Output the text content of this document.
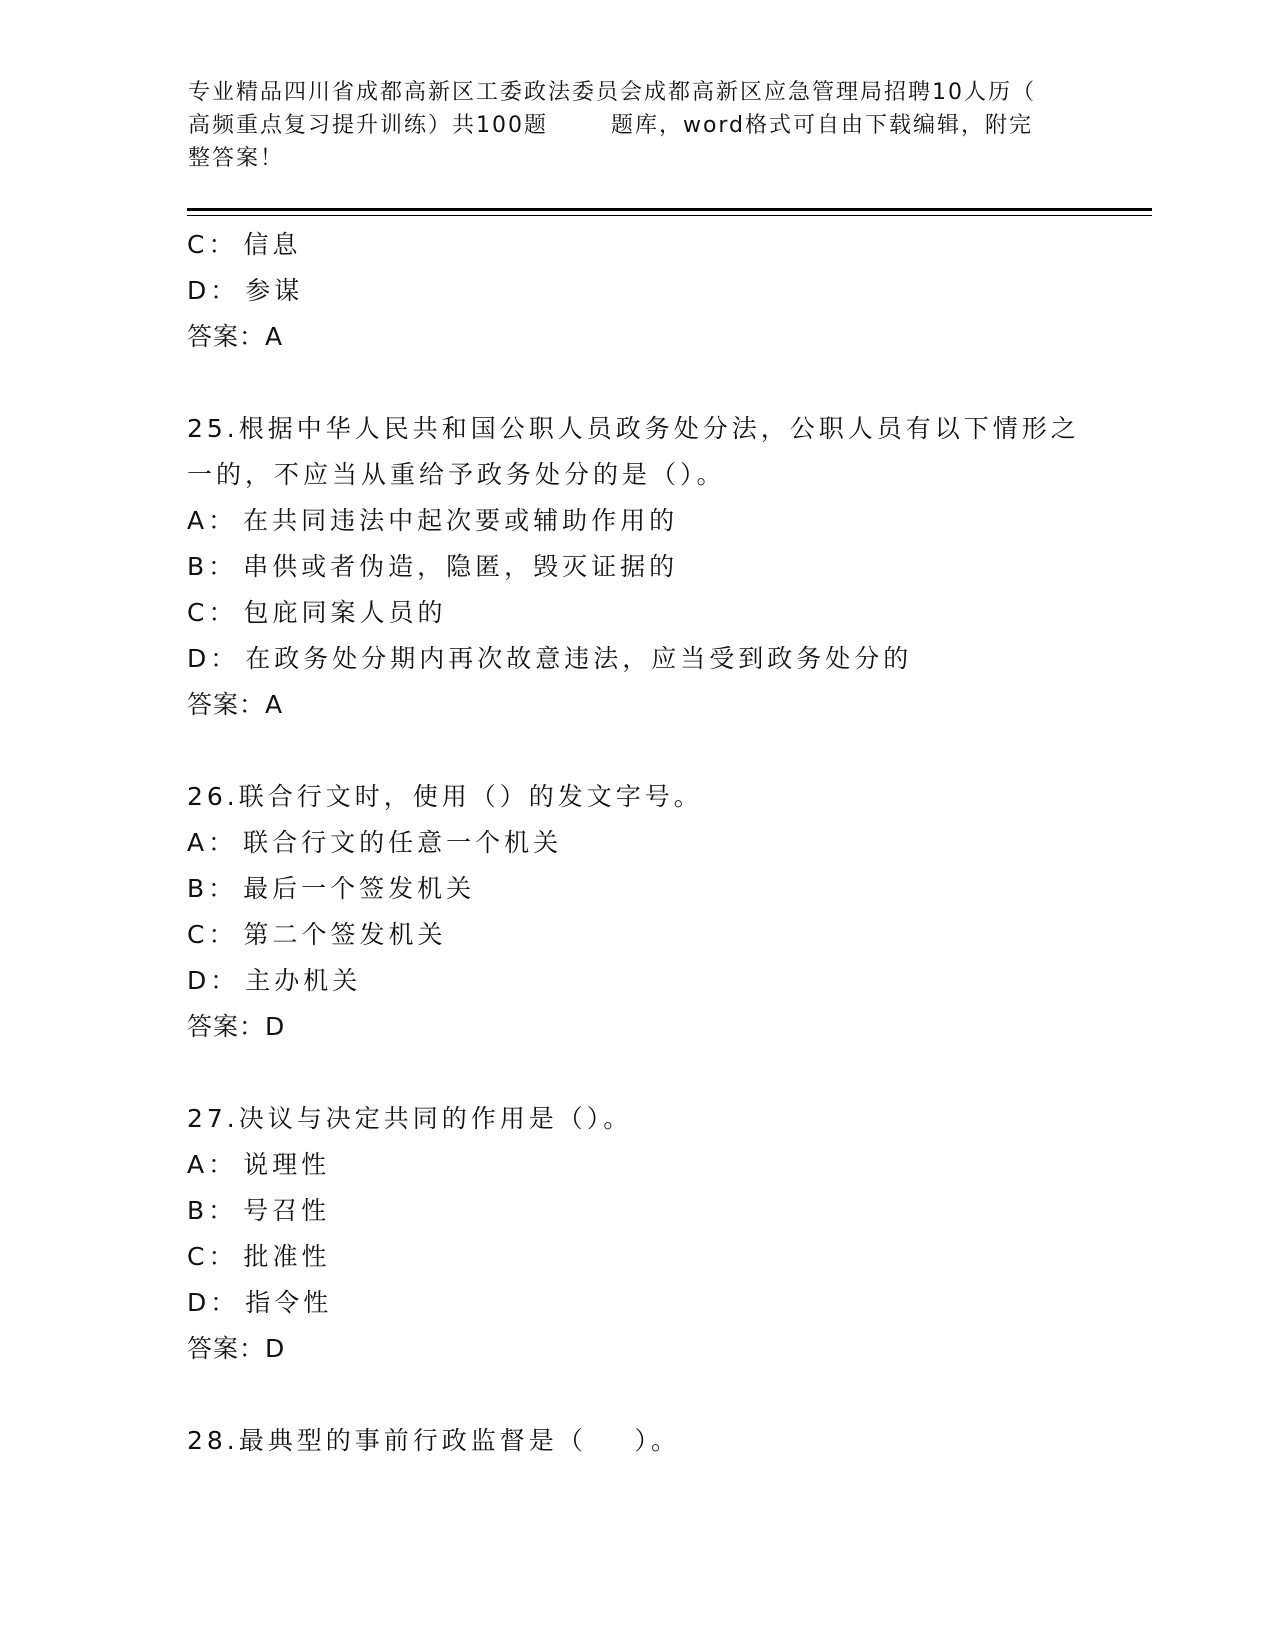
专业精品四川省成都高新区工委政法委员会成都高新区应急管理局招聘10人历（
高频重点复习提升训练）共100题       题库，word格式可自由下载编辑，附完
整答案！
C： 信息
D： 参谋
答案：A
25.根据中华人民共和国公职人员政务处分法，公职人员有以下情形之
一的，不应当从重给予政务处分的是（）。
A： 在共同违法中起次要或辅助作用的
B： 串供或者伪造，隐匿，毁灭证据的
C： 包庇同案人员的
D： 在政务处分期内再次故意违法，应当受到政务处分的
答案：A
26.联合行文时，使用（）的发文字号。
A： 联合行文的任意一个机关
B： 最后一个签发机关
C： 第二个签发机关
D： 主办机关
答案：D
27.决议与决定共同的作用是（）。
A： 说理性
B： 号召性
C： 批准性
D： 指令性
答案：D
28.最典型的事前行政监督是（    ）。
